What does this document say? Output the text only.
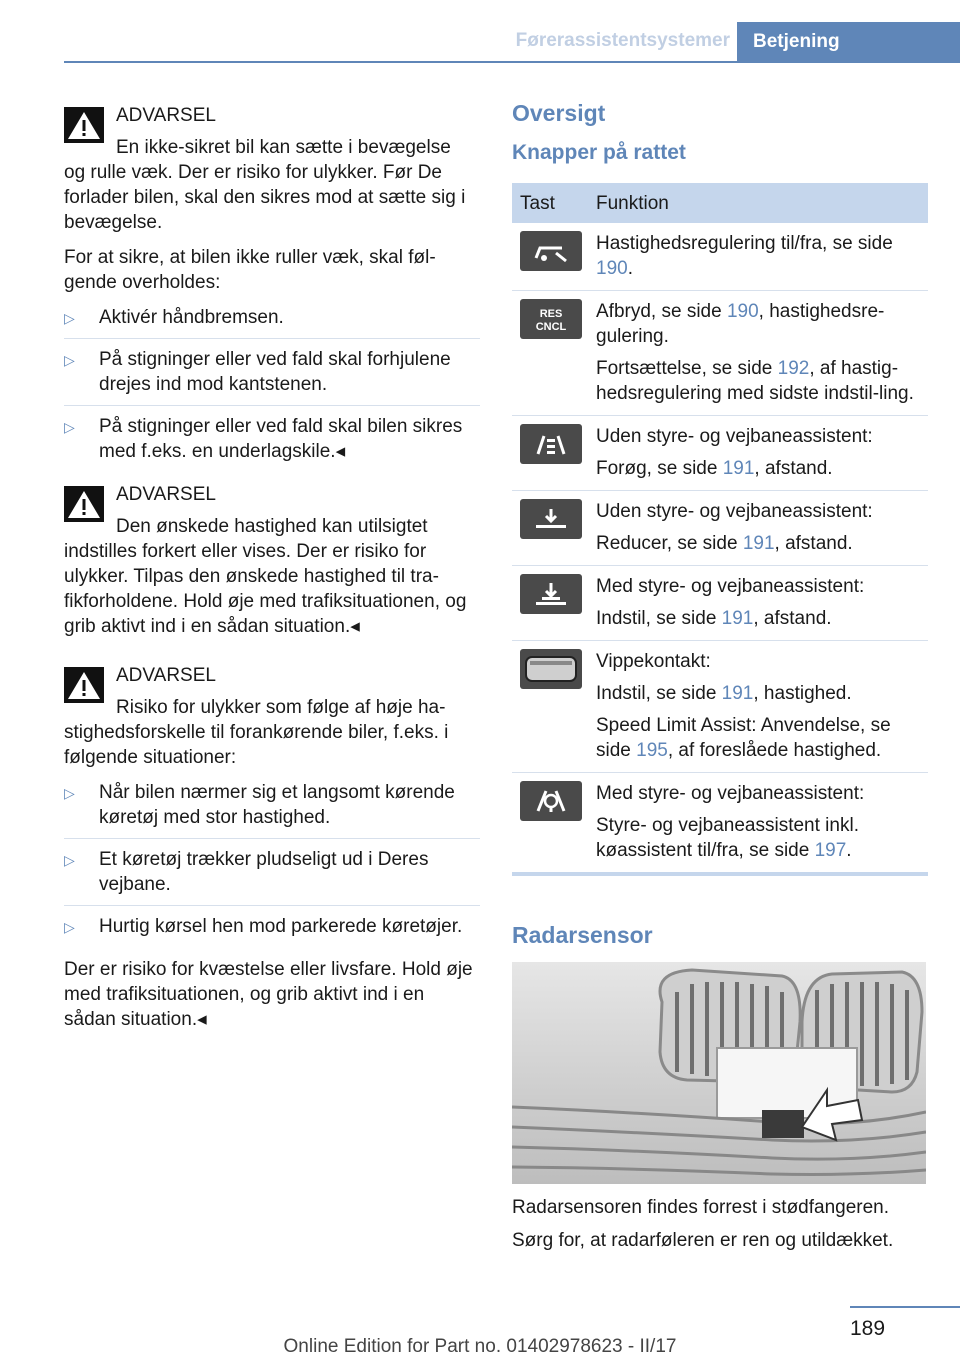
Førerassistentsystemer	Betjening
ADVARSEL
En ikke-sikret bil kan sætte i bevægelse
og rulle væk. Der er risiko for ulykker. Før De forlader bilen, skal den sikres mod at sætte sig i bevægelse.

For at sikre, at bilen ikke ruller væk, skal føl-gende overholdes:

▷ Aktivér håndbremsen.
▷ På stigninger eller ved fald skal forhjulene drejes ind mod kantstenen.
▷ På stigninger eller ved fald skal bilen sikres med f.eks. en underlagskile.◂
ADVARSEL
Den ønskede hastighed kan utilsigtet
indstilles forkert eller vises. Der er risiko for ulykker. Tilpas den ønskede hastighed til tra-fikforholdene. Hold øje med trafiksituationen, og grib aktivt ind i en sådan situation.◂
ADVARSEL
Risiko for ulykker som følge af høje ha-
stighedsforskelle til forankørende biler, f.eks. i følgende situationer:
▷ Når bilen nærmer sig et langsomt kørende køretøj med stor hastighed.
▷ Et køretøj trækker pludseligt ud i Deres vejbane.
▷ Hurtig kørsel hen mod parkerede køretøjer.

Der er risiko for kvæstelse eller livsfare. Hold øje med trafiksituationen, og grib aktivt ind i en sådan situation.◂

Oversigt
Knapper på rattet
Tast	Funktion

Hastighedsregulering til/fra, se side 190.

RES
CNCL	Afbryd, se side 190, hastighedsre-gulering.
Fortsættelse, se side 192, af hastig-hedsregulering med sidste indstil-ling.

Uden styre- og vejbaneassistent:
Forøg, se side 191, afstand.

Uden styre- og vejbaneassistent:
Reducer, se side 191, afstand.

Med styre- og vejbaneassistent:
Indstil, se side 191, afstand.

Vippekontakt:
Indstil, se side 191, hastighed.
Speed Limit Assist: Anvendelse, se side 195, af foreslåede hastighed.

Med styre- og vejbaneassistent:
Styre- og vejbaneassistent inkl. køassistent til/fra, se side 197.
Radarsensor
Radarsensoren findes forrest i stødfangeren.
Sørg for, at radarføleren er ren og utildækket.
189
Online Edition for Part no. 01402978623 - II/17
